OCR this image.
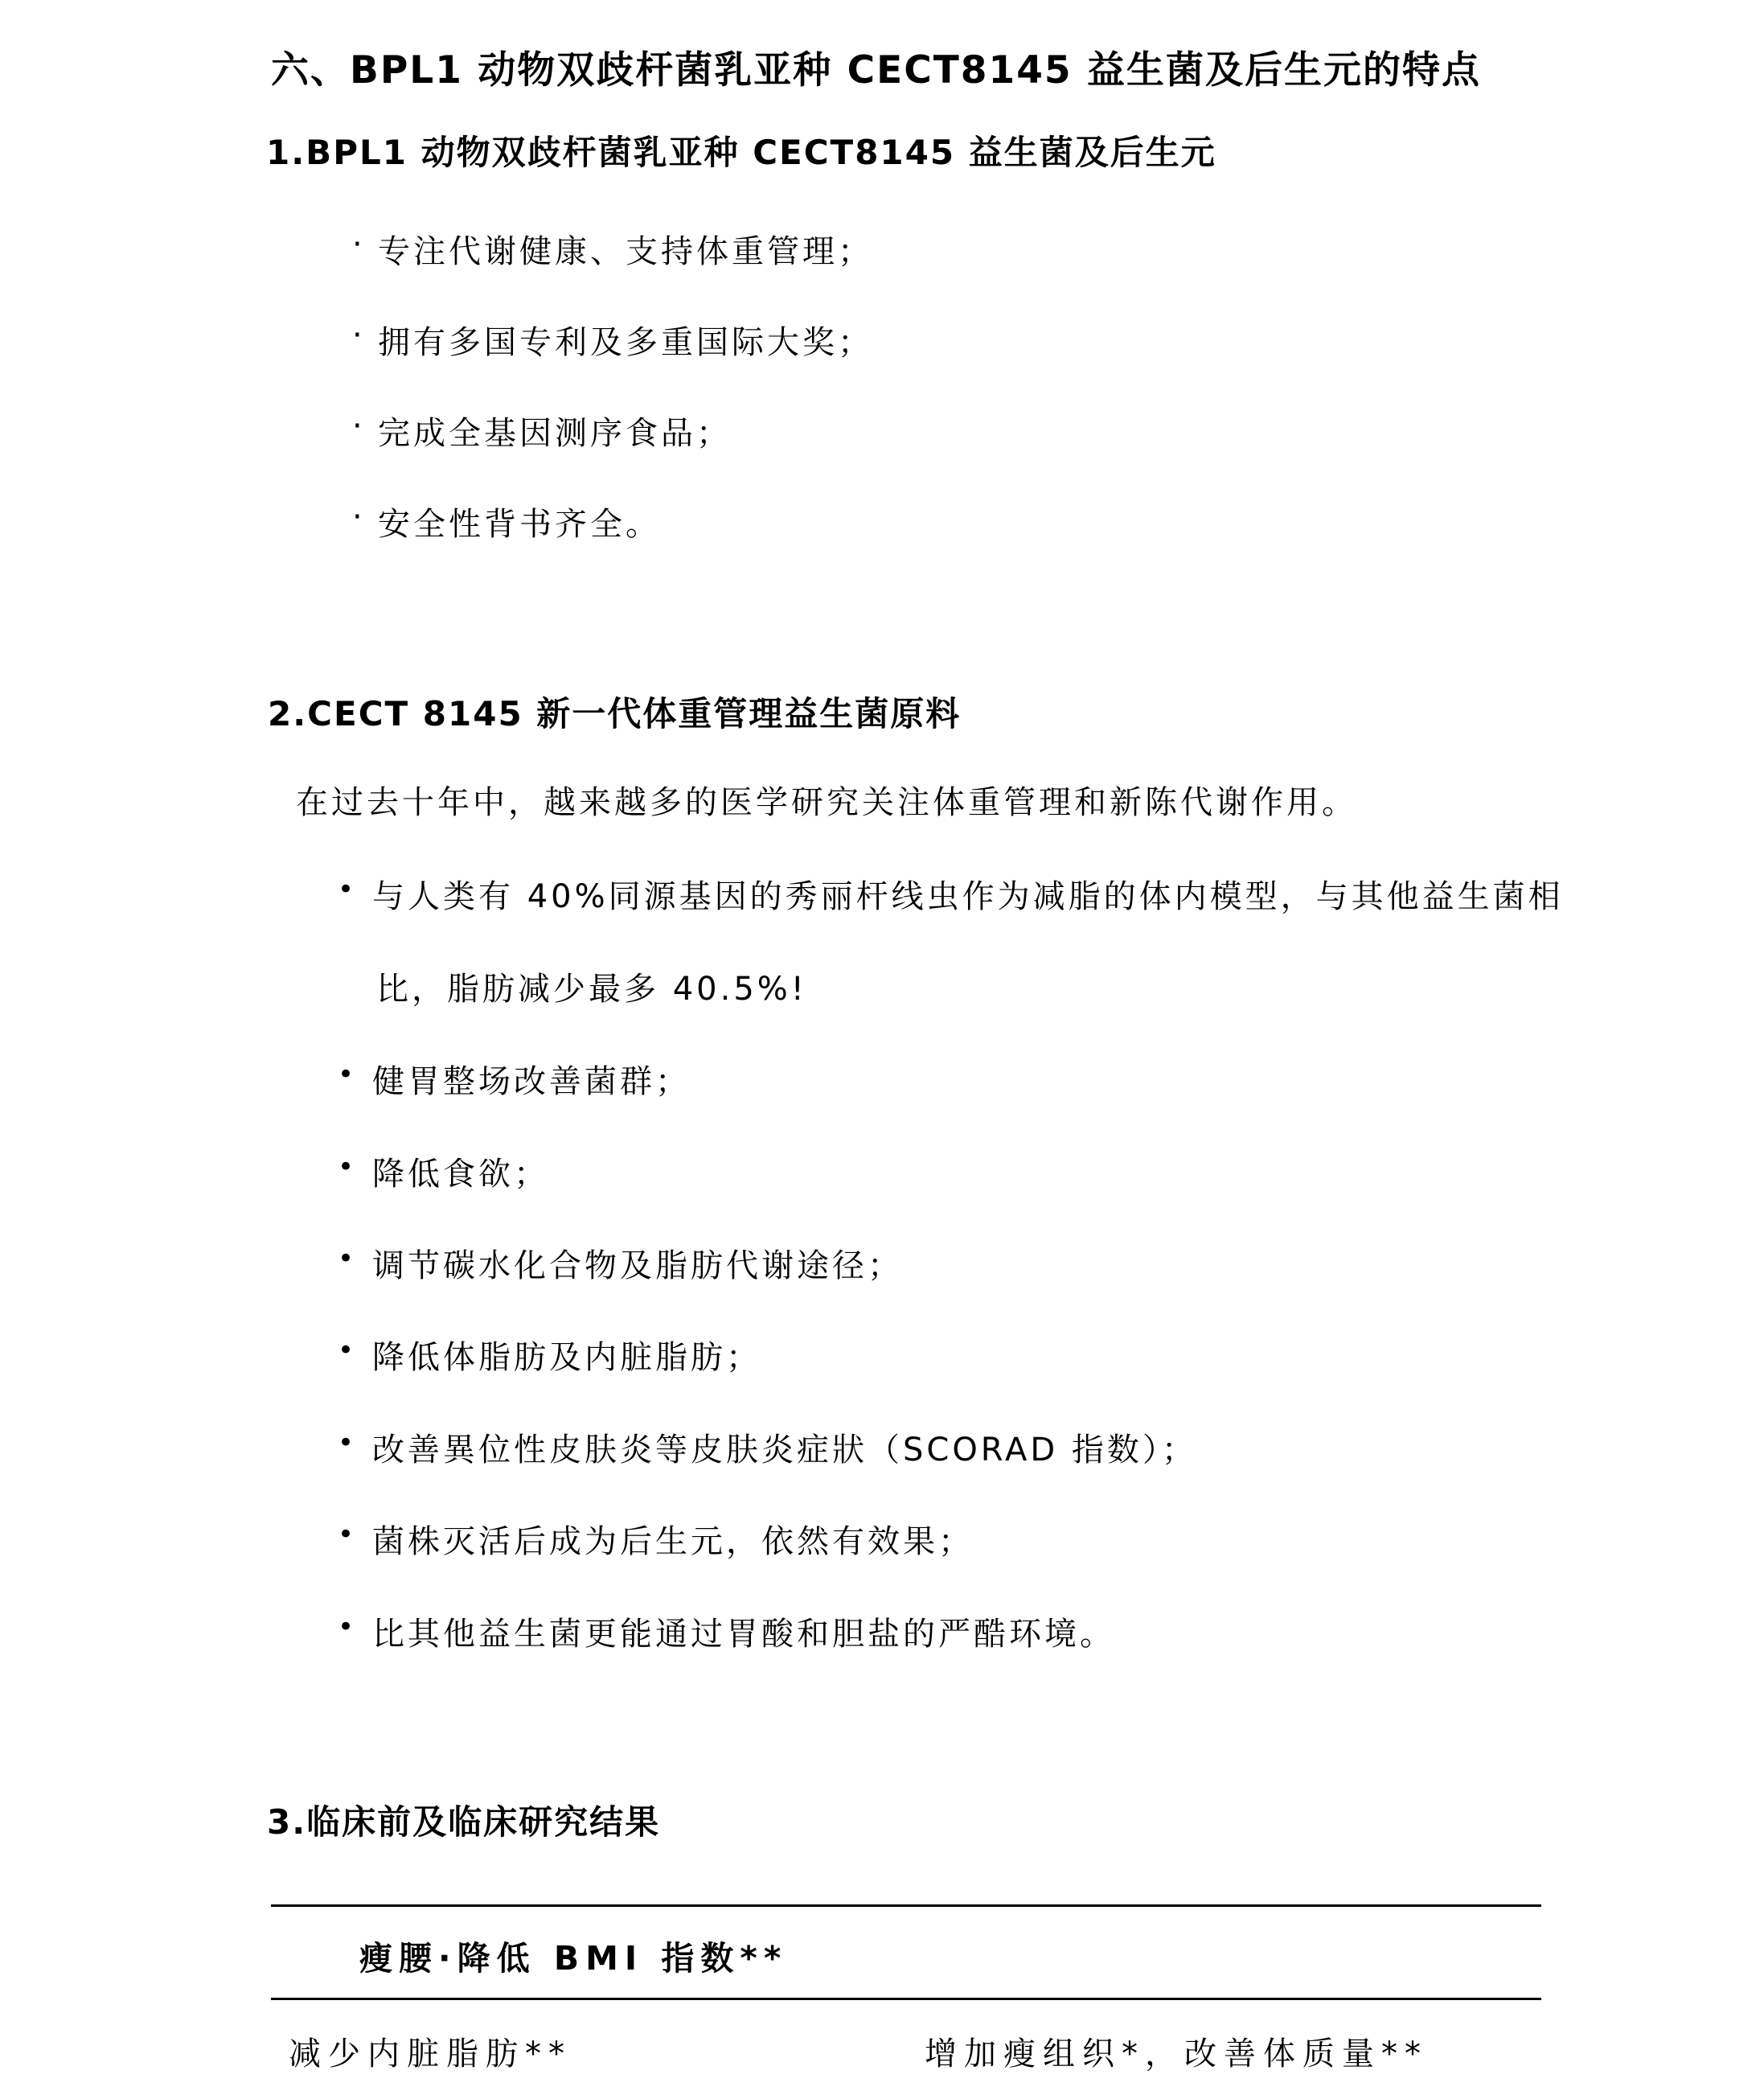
六、BPL1 动物双歧杆菌乳亚种 CECT8145 益生菌及后生元的特点
1.BPL1 动物双歧杆菌乳亚种 CECT8145 益生菌及后生元
· 专注代谢健康、支持体重管理；
· 拥有多国专利及多重国际大奖；
· 完成全基因测序食品；
· 安全性背书齐全。
2.CECT 8145 新一代体重管理益生菌原料
在过去十年中，越来越多的医学研究关注体重管理和新陈代谢作用。
• 与人类有 40%同源基因的秀丽杆线虫作为减脂的体内模型，与其他益生菌相
比，脂肪减少最多 40.5%!
• 健胃整场改善菌群；
• 降低食欲；
• 调节碳水化合物及脂肪代谢途径；
• 降低体脂肪及内脏脂肪；
• 改善異位性皮肤炎等皮肤炎症狀（SCORAD 指数）；
• 菌株灭活后成为后生元，依然有效果；
• 比其他益生菌更能通过胃酸和胆盐的严酷环境。
3.临床前及临床研究结果
瘦腰·降低 BMI 指数**
减少内脏脂肪**	增加瘦组织*，改善体质量**
